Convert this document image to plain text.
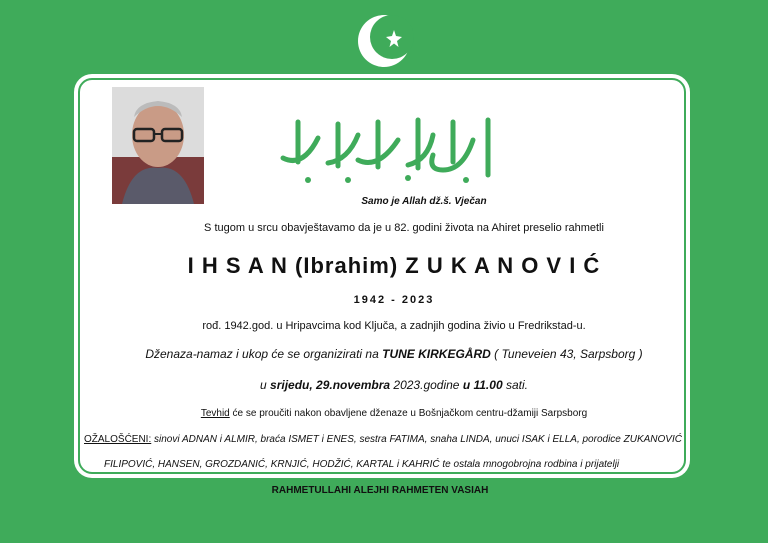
Samo je Allah dž.š. Vječan
S tugom u srcu obavještavamo da je u 82. godini života na Ahiret preselio rahmetli
I H S A N (Ibrahim) Z U K A N O V I Ć
1942 - 2023
rođ. 1942.god. u Hripavcima kod Ključa, a zadnjih godina živio u Fredrikstad-u.
Dženaza-namaz i ukop će se organizirati na TUNE KIRKEGÅRD ( Tuneveien 43, Sarpsborg )
u srijedu, 29.novembra 2023.godine u 11.00 sati.
Tevhid će se proučiti nakon obavljene dženaze u Bošnjačkom centru-džamiji Sarpsborg
OŽALOŠĆENI: sinovi ADNAN i ALMIR, braća ISMET i ENES, sestra FATIMA, snaha LINDA, unuci ISAK i ELLA, porodice ZUKANOVIĆ
FILIPOVIĆ, HANSEN, GROZDANIĆ, KRNJIĆ, HODŽIĆ, KARTAL i KAHRIĆ te ostala mnogobrojna rodbina i prijatelji
RAHMETULLAHI ALEJHI RAHMETEN VASIAH
